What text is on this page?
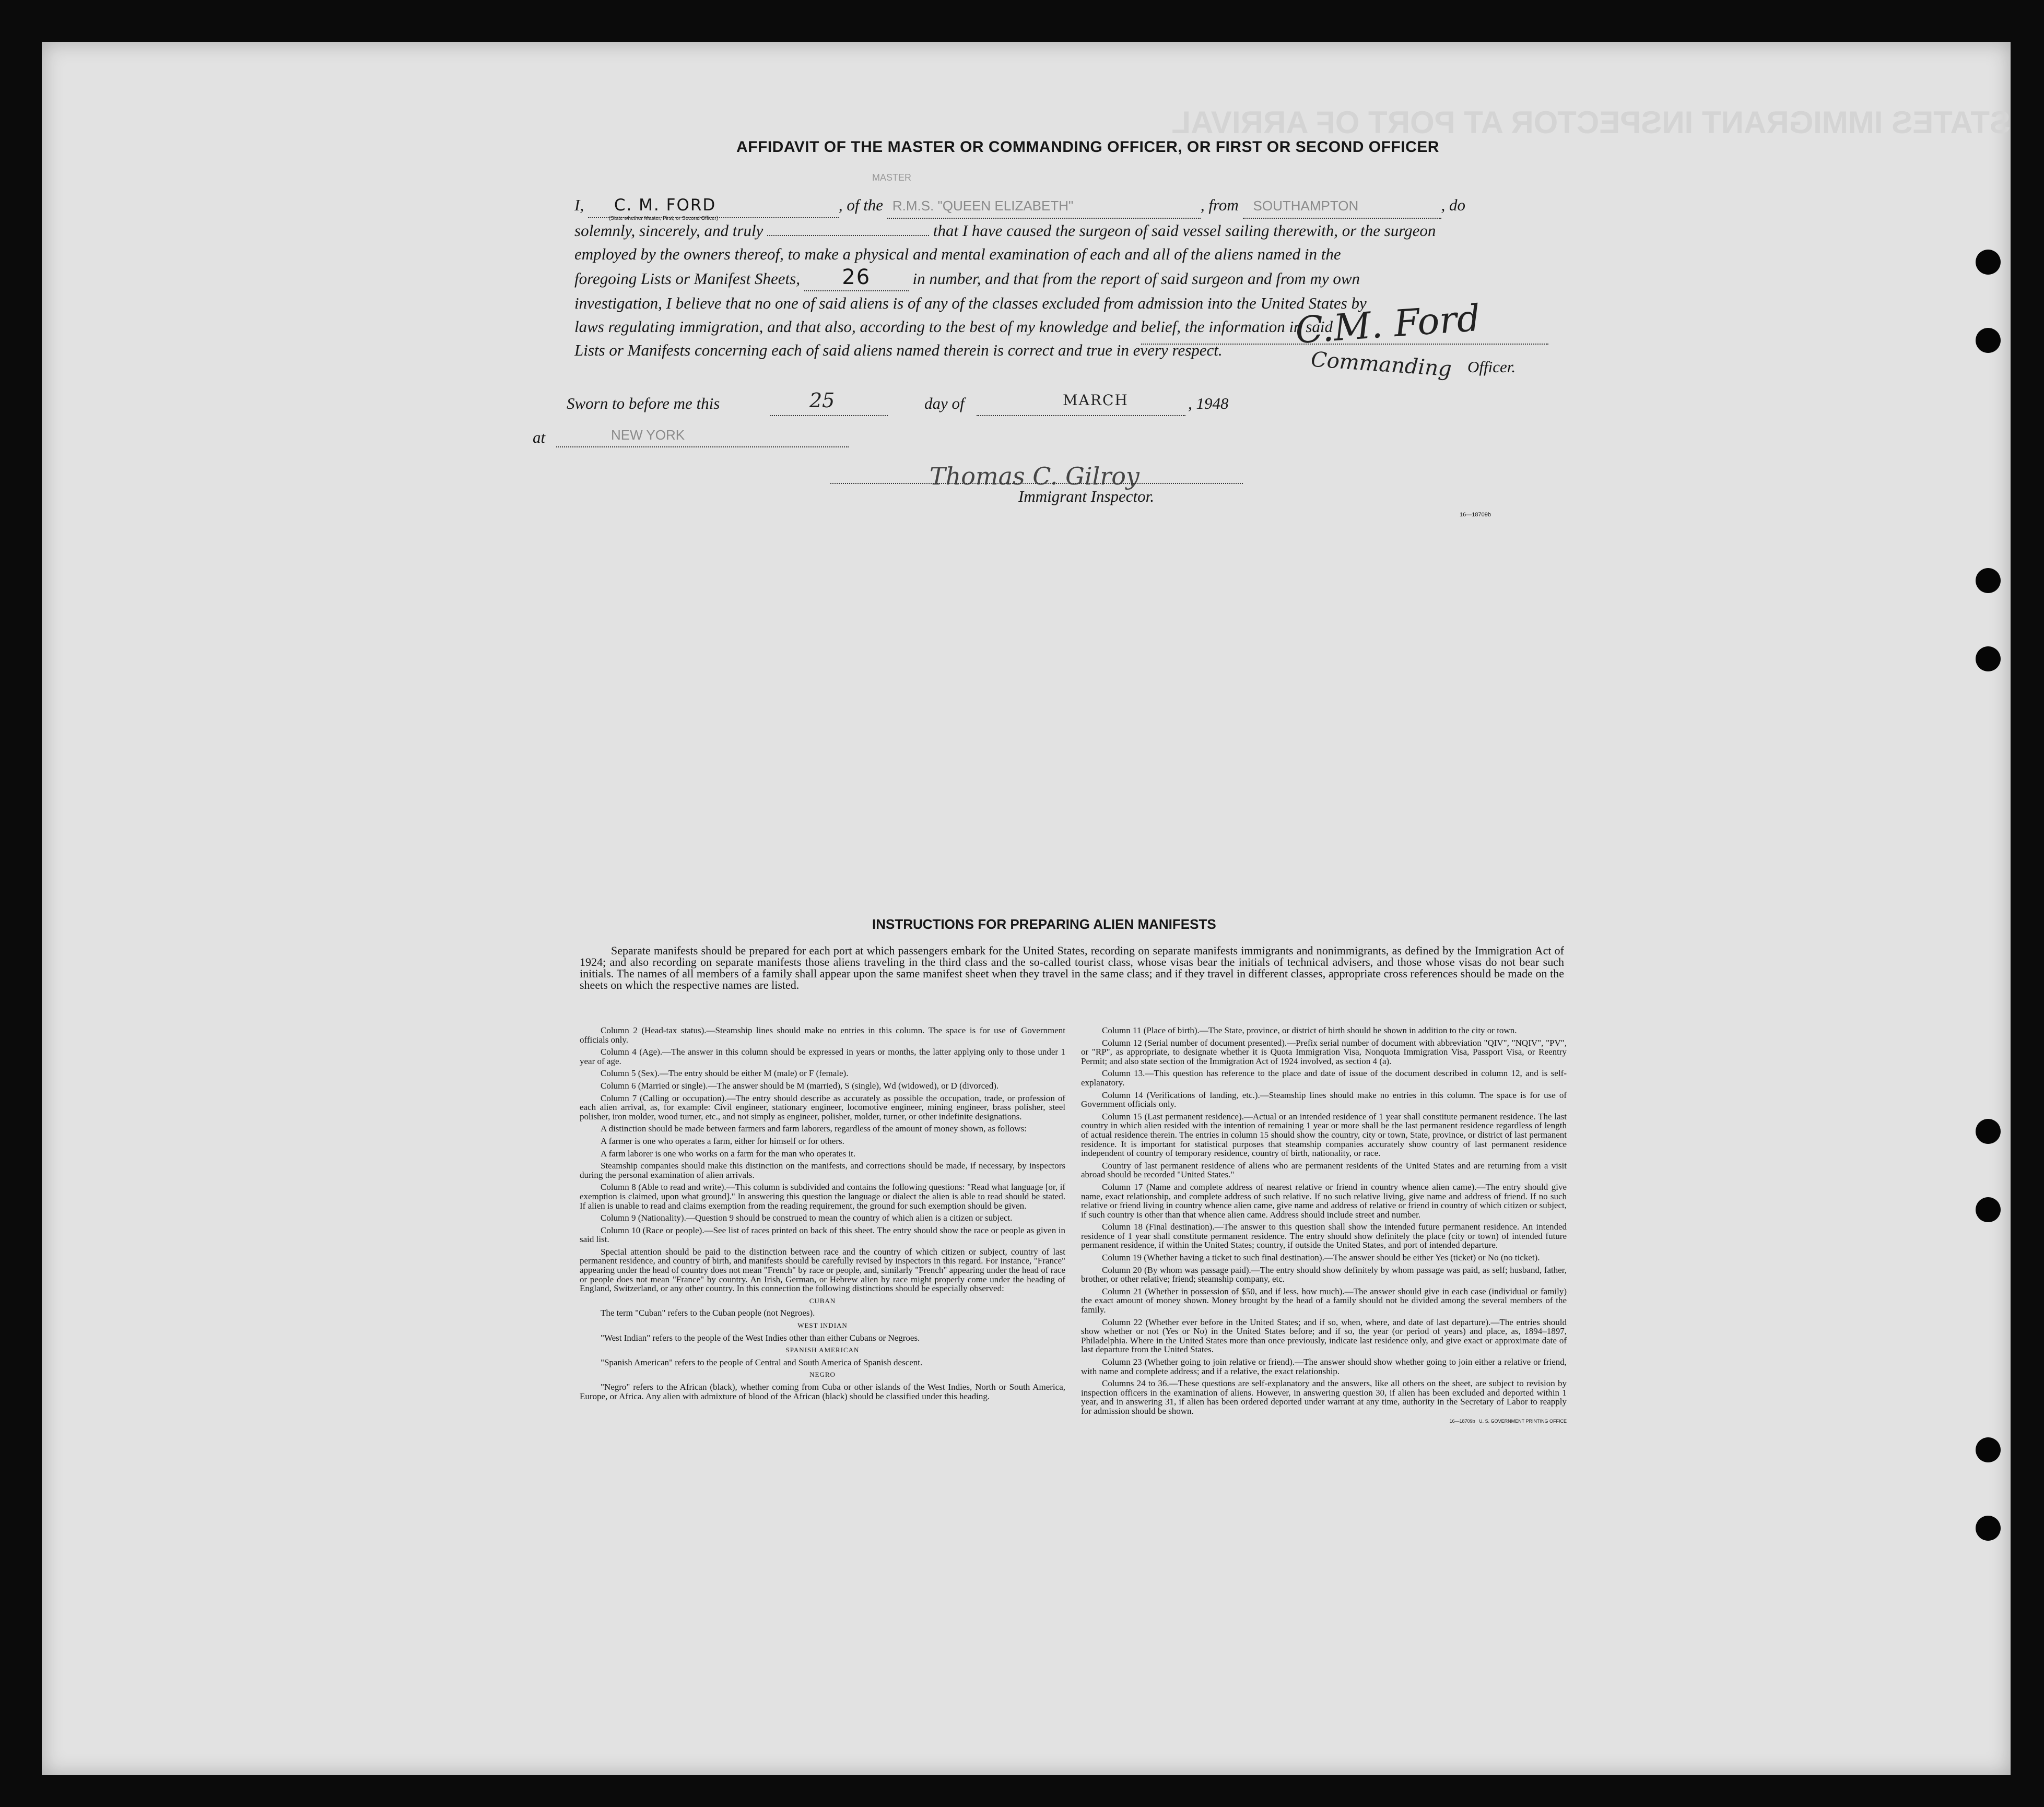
STATES IMMIGRANT INSPECTOR AT PORT OF ARRIVAL
AFFIDAVIT OF THE MASTER OR COMMANDING OFFICER, OR FIRST OR SECOND OFFICER
MASTER
I, C. M. FORD
(State whether Master, First, or Second Officer)
, of the R.M.S. "QUEEN ELIZABETH"	, from SOUTHAMPTON	, do
solemnly, sincerely, and truly	that I have caused the surgeon of said vessel sailing therewith, or the surgeon
employed by the owners thereof, to make a physical and mental examination of each and all of the aliens named in the
foregoing Lists or Manifest Sheets, 26	in number, and that from the report of said surgeon and from my own
investigation, I believe that no one of said aliens is of any of the classes excluded from admission into the United States by
laws regulating immigration, and that also, according to the best of my knowledge and belief, the information in said
Lists or Manifests concerning each of said aliens named therein is correct and true in every respect.	C.M. Ford
Commanding Officer.
Sworn to before me this	25	day of	MARCH	, 1948
at	NEW YORK
Thomas C. Gilroy
Immigrant Inspector.
16—18709b
INSTRUCTIONS FOR PREPARING ALIEN MANIFESTS
Separate manifests should be prepared for each port at which passengers embark for the United States, recording on separate manifests immigrants and nonimmigrants, as defined by the Immigration Act of 1924; and also recording on separate manifests those aliens traveling in the third class and the so-called tourist class, whose visas bear the initials of technical advisers, and those whose visas do not bear such initials. The names of all members of a family shall appear upon the same manifest sheet when they travel in the same class; and if they travel in different classes, appropriate cross references should be made on the sheets on which the respective names are listed.

Column 2 (Head-tax status).—Steamship lines should make no entries in this column. The space is for use of Government officials only.

Column 4 (Age).—The answer in this column should be expressed in years or months, the latter applying only to those under 1 year of age.

Column 5 (Sex).—The entry should be either M (male) or F (female).

Column 6 (Married or single).—The answer should be M (married), S (single), Wd (widowed), or D (divorced).

Column 7 (Calling or occupation).—The entry should describe as accurately as possible the occupation, trade, or profession of each alien arrival, as, for example: Civil engineer, stationary engineer, locomotive engineer, mining engineer, brass polisher, steel polisher, iron molder, wood turner, etc., and not simply as engineer, polisher, molder, turner, or other indefinite designations.

A distinction should be made between farmers and farm laborers, regardless of the amount of money shown, as follows:

A farmer is one who operates a farm, either for himself or for others.

A farm laborer is one who works on a farm for the man who operates it.

Steamship companies should make this distinction on the manifests, and corrections should be made, if necessary, by inspectors during the personal examination of alien arrivals.

Column 8 (Able to read and write).—This column is subdivided and contains the following questions: "Read what language [or, if exemption is claimed, upon what ground]." In answering this question the language or dialect the alien is able to read should be stated. If alien is unable to read and claims exemption from the reading requirement, the ground for such exemption should be given.

Column 9 (Nationality).—Question 9 should be construed to mean the country of which alien is a citizen or subject.

Column 10 (Race or people).—See list of races printed on back of this sheet. The entry should show the race or people as given in said list.

Special attention should be paid to the distinction between race and the country of which citizen or subject, country of last permanent residence, and country of birth, and manifests should be carefully revised by inspectors in this regard. For instance, "France" appearing under the head of country does not mean "French" by race or people, and, similarly "French" appearing under the head of race or people does not mean "France" by country. An Irish, German, or Hebrew alien by race might properly come under the heading of England, Switzerland, or any other country. In this connection the following distinctions should be especially observed:

CUBAN

The term "Cuban" refers to the Cuban people (not Negroes).

WEST INDIAN

"West Indian" refers to the people of the West Indies other than either Cubans or Negroes.

SPANISH AMERICAN

"Spanish American" refers to the people of Central and South America of Spanish descent.

NEGRO

"Negro" refers to the African (black), whether coming from Cuba or other islands of the West Indies, North or South America, Europe, or Africa. Any alien with admixture of blood of the African (black) should be classified under this heading.

Column 11 (Place of birth).—The State, province, or district of birth should be shown in addition to the city or town.

Column 12 (Serial number of document presented).—Prefix serial number of document with abbreviation "QIV", "NQIV", "PV", or "RP", as appropriate, to designate whether it is Quota Immigration Visa, Nonquota Immigration Visa, Passport Visa, or Reentry Permit; and also state section of the Immigration Act of 1924 involved, as section 4 (a).

Column 13.—This question has reference to the place and date of issue of the document described in column 12, and is self-explanatory.

Column 14 (Verifications of landing, etc.).—Steamship lines should make no entries in this column. The space is for use of Government officials only.

Column 15 (Last permanent residence).—Actual or an intended residence of 1 year shall constitute permanent residence. The last country in which alien resided with the intention of remaining 1 year or more shall be the last permanent residence regardless of length of actual residence therein. The entries in column 15 should show the country, city or town, State, province, or district of last permanent residence. It is important for statistical purposes that steamship companies accurately show country of last permanent residence independent of country of temporary residence, country of birth, nationality, or race.

Country of last permanent residence of aliens who are permanent residents of the United States and are returning from a visit abroad should be recorded "United States."

Column 17 (Name and complete address of nearest relative or friend in country whence alien came).—The entry should give name, exact relationship, and complete address of such relative. If no such relative living, give name and address of friend. If no such relative or friend living in country whence alien came, give name and address of relative or friend in country of which citizen or subject, if such country is other than that whence alien came. Address should include street and number.

Column 18 (Final destination).—The answer to this question shall show the intended future permanent residence. An intended residence of 1 year shall constitute permanent residence. The entry should show definitely the place (city or town) of intended future permanent residence, if within the United States; country, if outside the United States, and port of intended departure.

Column 19 (Whether having a ticket to such final destination).—The answer should be either Yes (ticket) or No (no ticket).

Column 20 (By whom was passage paid).—The entry should show definitely by whom passage was paid, as self; husband, father, brother, or other relative; friend; steamship company, etc.

Column 21 (Whether in possession of $50, and if less, how much).—The answer should give in each case (individual or family) the exact amount of money shown. Money brought by the head of a family should not be divided among the several members of the family.

Column 22 (Whether ever before in the United States; and if so, when, where, and date of last departure).—The entries should show whether or not (Yes or No) in the United States before; and if so, the year (or period of years) and place, as, 1894–1897, Philadelphia. Where in the United States more than once previously, indicate last residence only, and give exact or approximate date of last departure from the United States.

Column 23 (Whether going to join relative or friend).—The answer should show whether going to join either a relative or friend, with name and complete address; and if a relative, the exact relationship.

Columns 24 to 36.—These questions are self-explanatory and the answers, like all others on the sheet, are subject to revision by inspection officers in the examination of aliens. However, in answering question 30, if alien has been excluded and deported within 1 year, and in answering 31, if alien has been ordered deported under warrant at any time, authority in the Secretary of Labor to reapply for admission should be shown.

16—18709b U. S. GOVERNMENT PRINTING OFFICE
